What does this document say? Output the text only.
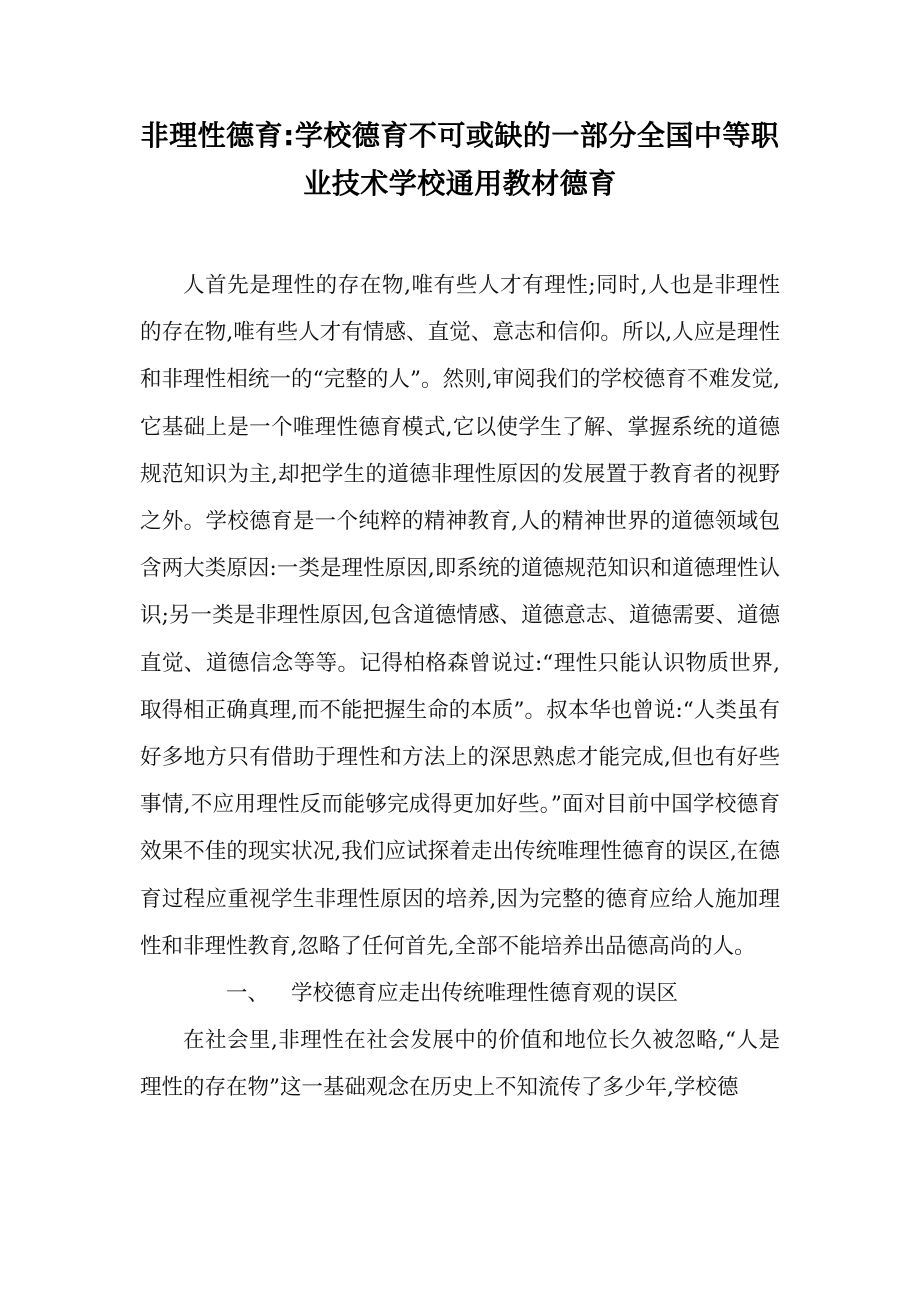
非理性德育:学校德育不可或缺的一部分全国中等职
业技术学校通用教材德育

人首先是理性的存在物,唯有些人才有理性;同时,人也是非理性的存在物,唯有些人才有情感、直觉、意志和信仰。所以,人应是理性和非理性相统一的“完整的人”。然则,审阅我们的学校德育不难发觉,它基础上是一个唯理性德育模式,它以使学生了解、掌握系统的道德规范知识为主,却把学生的道德非理性原因的发展置于教育者的视野之外。学校德育是一个纯粹的精神教育,人的精神世界的道德领域包含两大类原因:一类是理性原因,即系统的道德规范知识和道德理性认识;另一类是非理性原因,包含道德情感、道德意志、道德需要、道德直觉、道德信念等等。记得柏格森曾说过:“理性只能认识物质世界,取得相正确真理,而不能把握生命的本质”。叔本华也曾说:“人类虽有好多地方只有借助于理性和方法上的深思熟虑才能完成,但也有好些事情,不应用理性反而能够完成得更加好些。”面对目前中国学校德育效果不佳的现实状况,我们应试探着走出传统唯理性德育的误区,在德育过程应重视学生非理性原因的培养,因为完整的德育应给人施加理性和非理性教育,忽略了任何首先,全部不能培养出品德高尚的人。

一、 学校德育应走出传统唯理性德育观的误区

在社会里,非理性在社会发展中的价值和地位长久被忽略,“人是理性的存在物”这一基础观念在历史上不知流传了多少年,学校德
